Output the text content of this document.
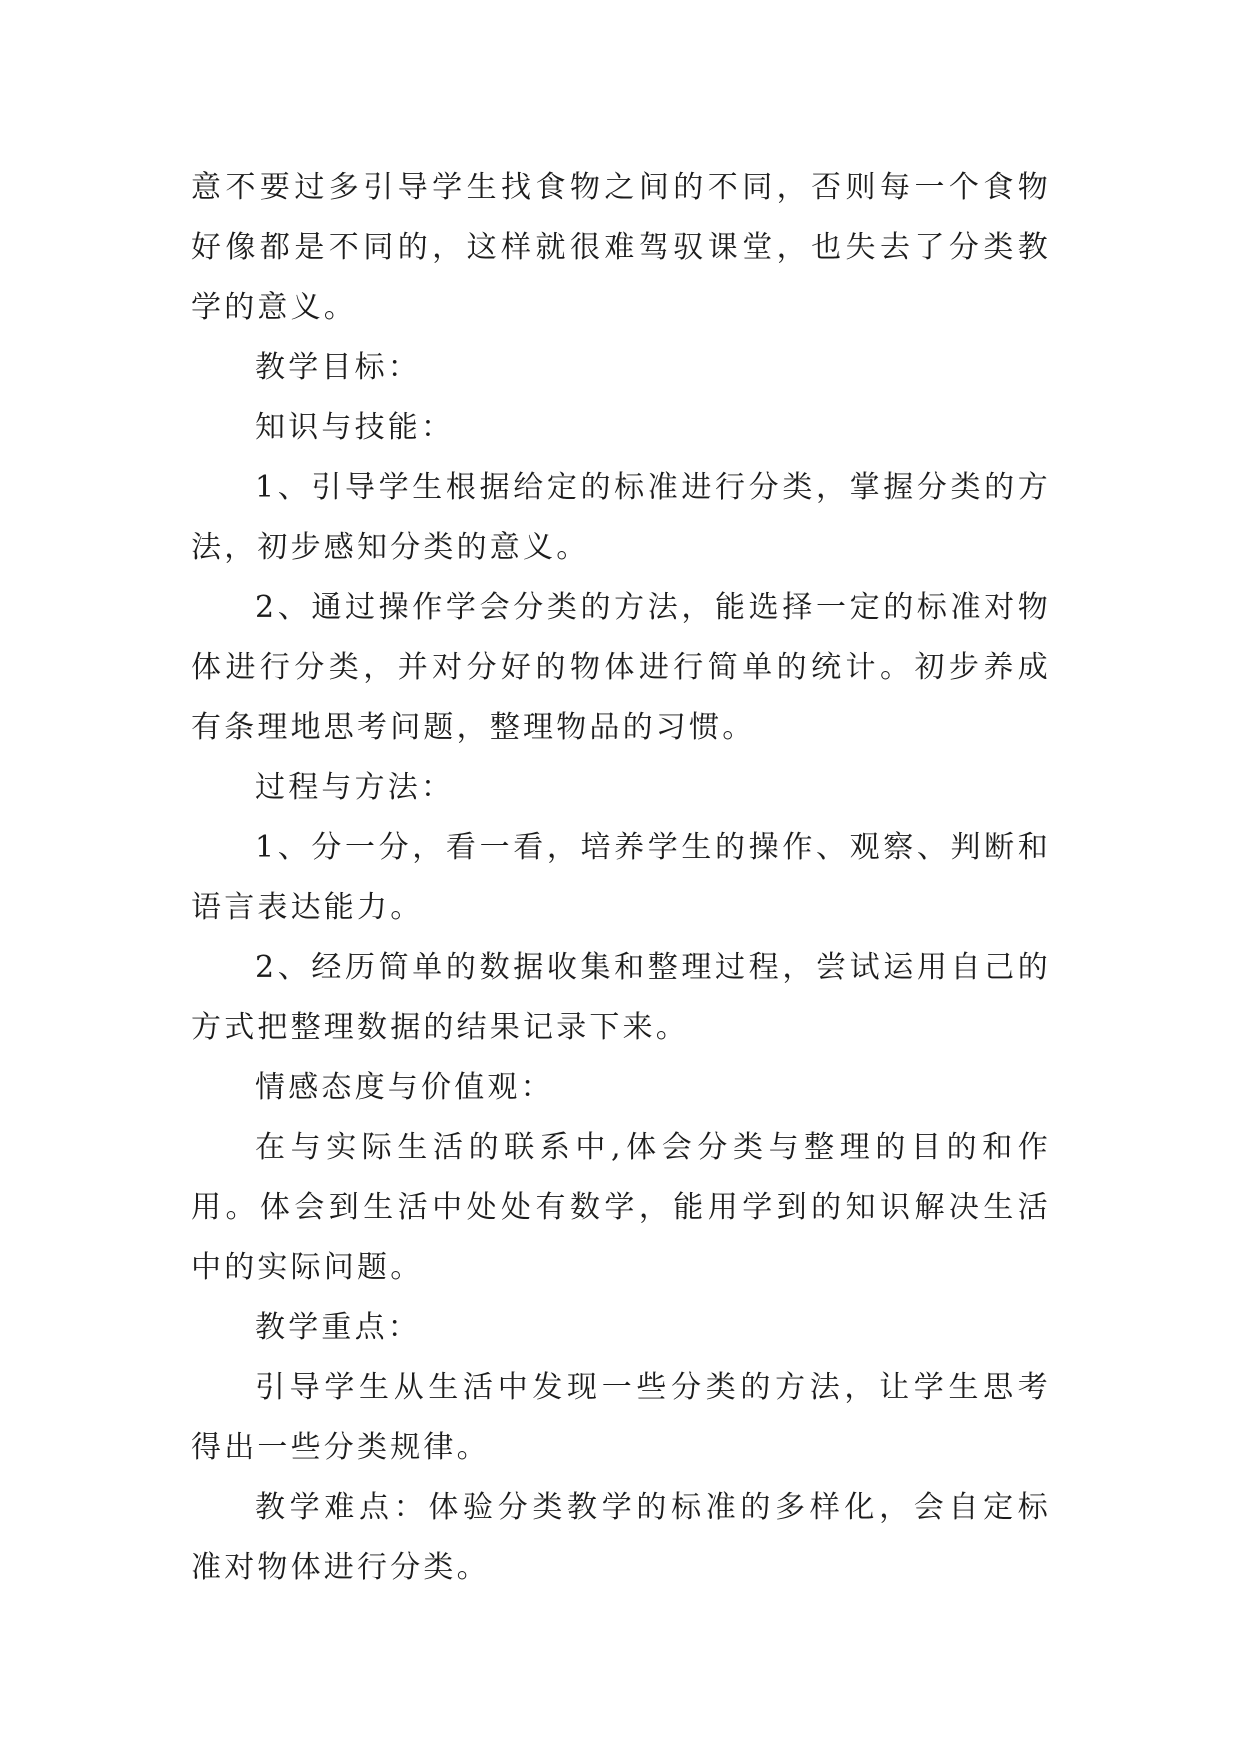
意不要过多引导学生找食物之间的不同，否则每一个食物好像都是不同的，这样就很难驾驭课堂，也失去了分类教学的意义。

教学目标：

知识与技能：

1、引导学生根据给定的标准进行分类，掌握分类的方法，初步感知分类的意义。

2、通过操作学会分类的方法，能选择一定的标准对物体进行分类，并对分好的物体进行简单的统计。初步养成有条理地思考问题，整理物品的习惯。

过程与方法：

1、分一分，看一看，培养学生的操作、观察、判断和语言表达能力。

2、经历简单的数据收集和整理过程，尝试运用自己的方式把整理数据的结果记录下来。

情感态度与价值观：

在与实际生活的联系中,体会分类与整理的目的和作用。体会到生活中处处有数学，能用学到的知识解决生活中的实际问题。

教学重点：

引导学生从生活中发现一些分类的方法，让学生思考得出一些分类规律。

教学难点：体验分类教学的标准的多样化，会自定标准对物体进行分类。
